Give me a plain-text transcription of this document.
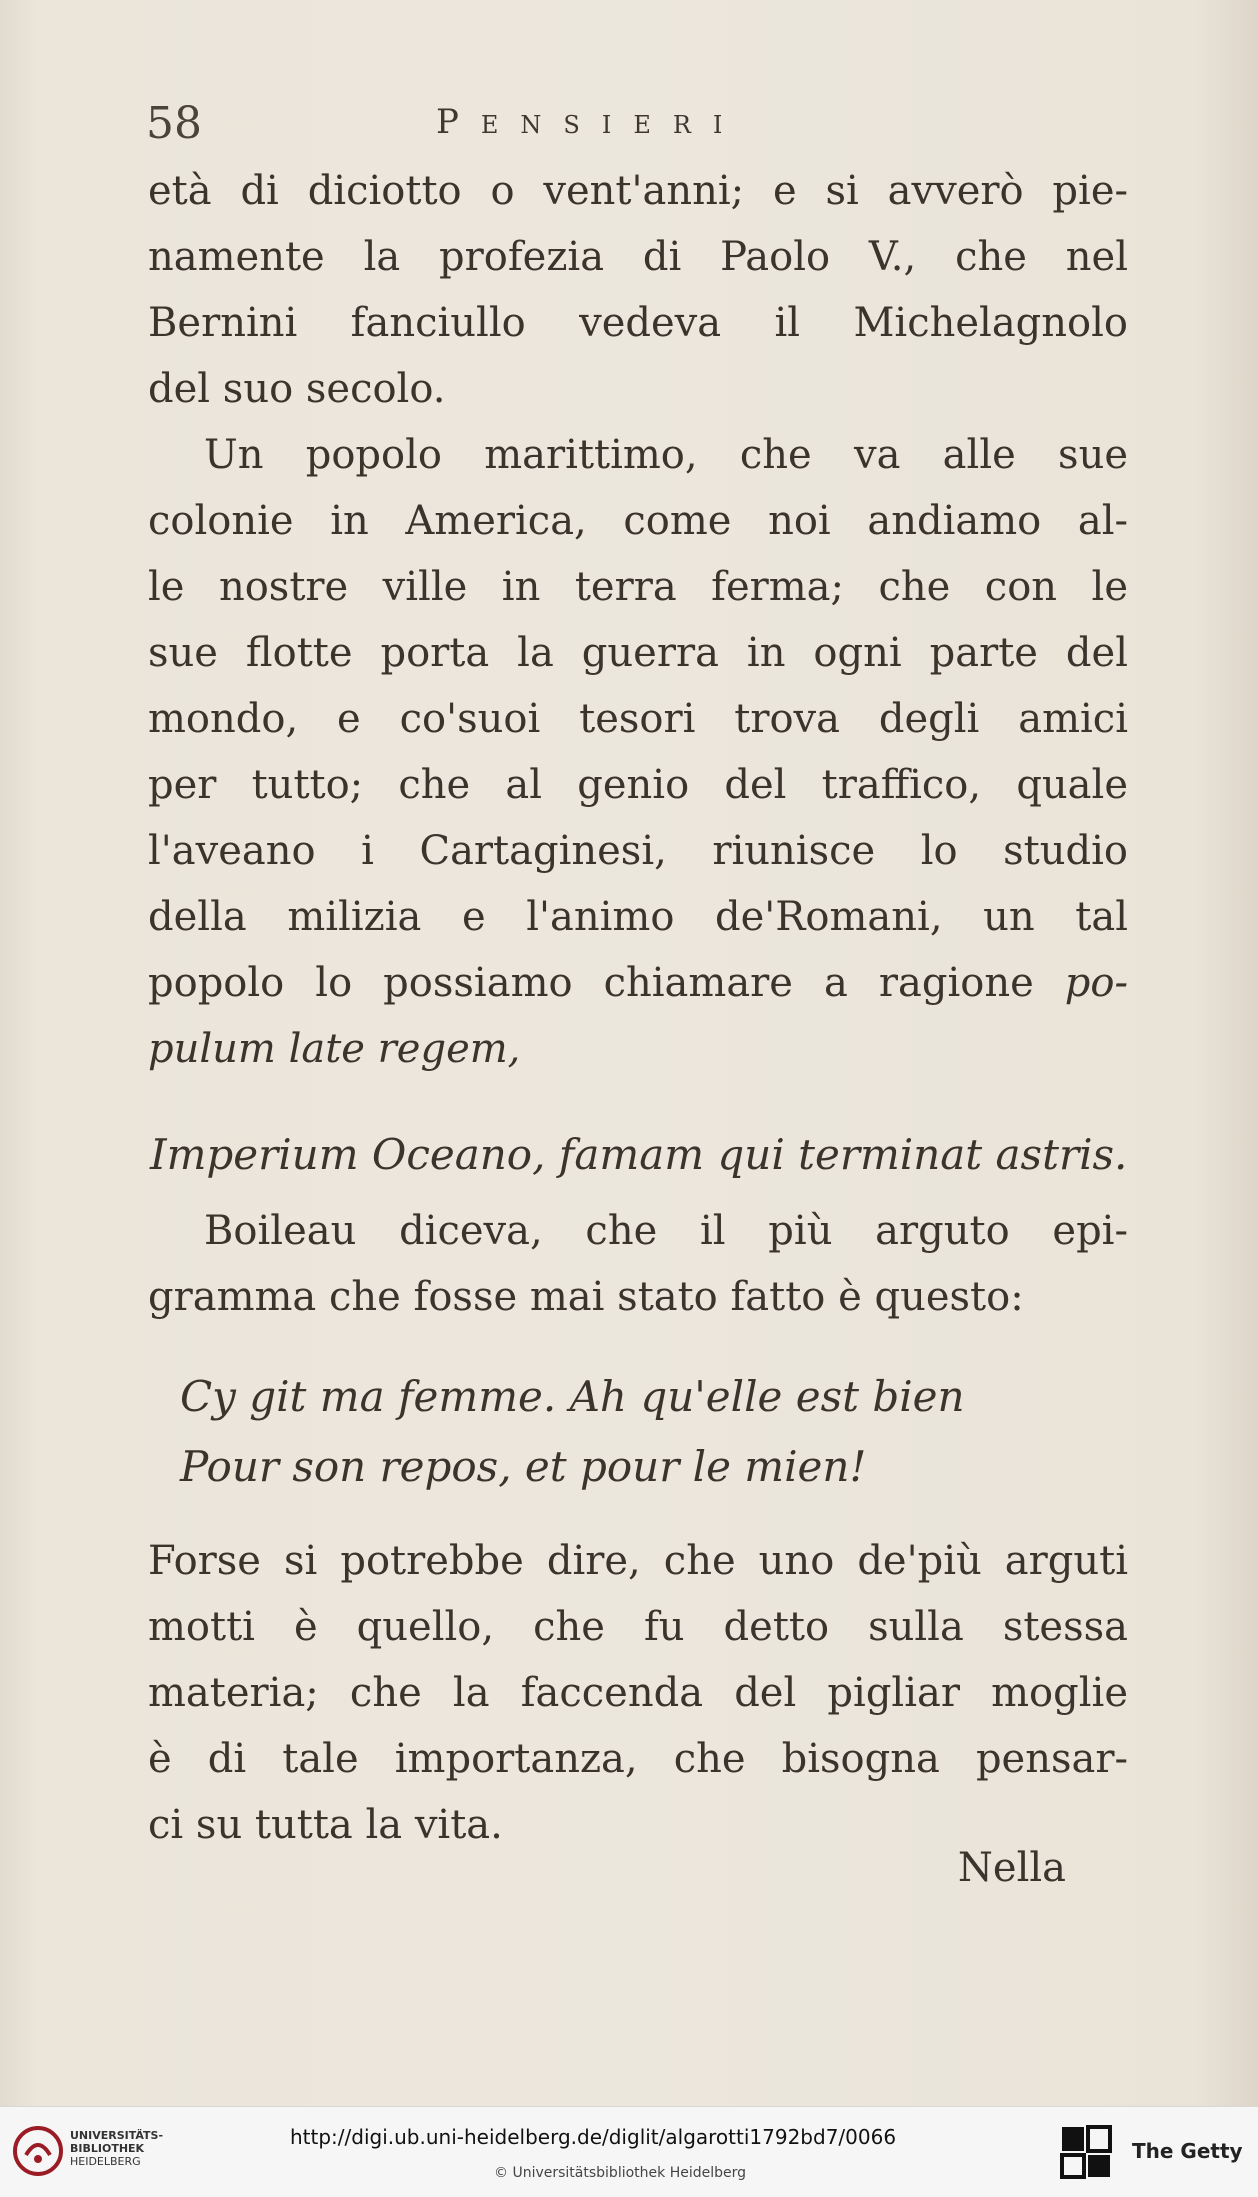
58	Pensieri
età di diciotto o vent'anni; e si avverò pie-
namente la profezia di Paolo V., che nel
Bernini fanciullo vedeva il Michelagnolo
del suo secolo.
Un popolo marittimo, che va alle sue
colonie in America, come noi andiamo al-
le nostre ville in terra ferma; che con le
sue flotte porta la guerra in ogni parte del
mondo, e co'suoi tesori trova degli amici
per tutto; che al genio del traffico, quale
l'aveano i Cartaginesi, riunisce lo studio
della milizia e l'animo de'Romani, un tal
popolo lo possiamo chiamare a ragione po-
pulum late regem,
Imperium Oceano, famam qui terminat astris.
Boileau diceva, che il più arguto epi-
gramma che fosse mai stato fatto è questo:
Cy git ma femme. Ah qu'elle est bien
Pour son repos, et pour le mien!
Forse si potrebbe dire, che uno de'più arguti
motti è quello, che fu detto sulla stessa
materia; che la faccenda del pigliar moglie
è di tale importanza, che bisogna pensar-
ci su tutta la vita.
Nella
UNIVERSITÄTS-
BIBLIOTHEK
HEIDELBERG
http://digi.ub.uni-heidelberg.de/diglit/algarotti1792bd7/0066
© Universitätsbibliothek Heidelberg
The Getty
